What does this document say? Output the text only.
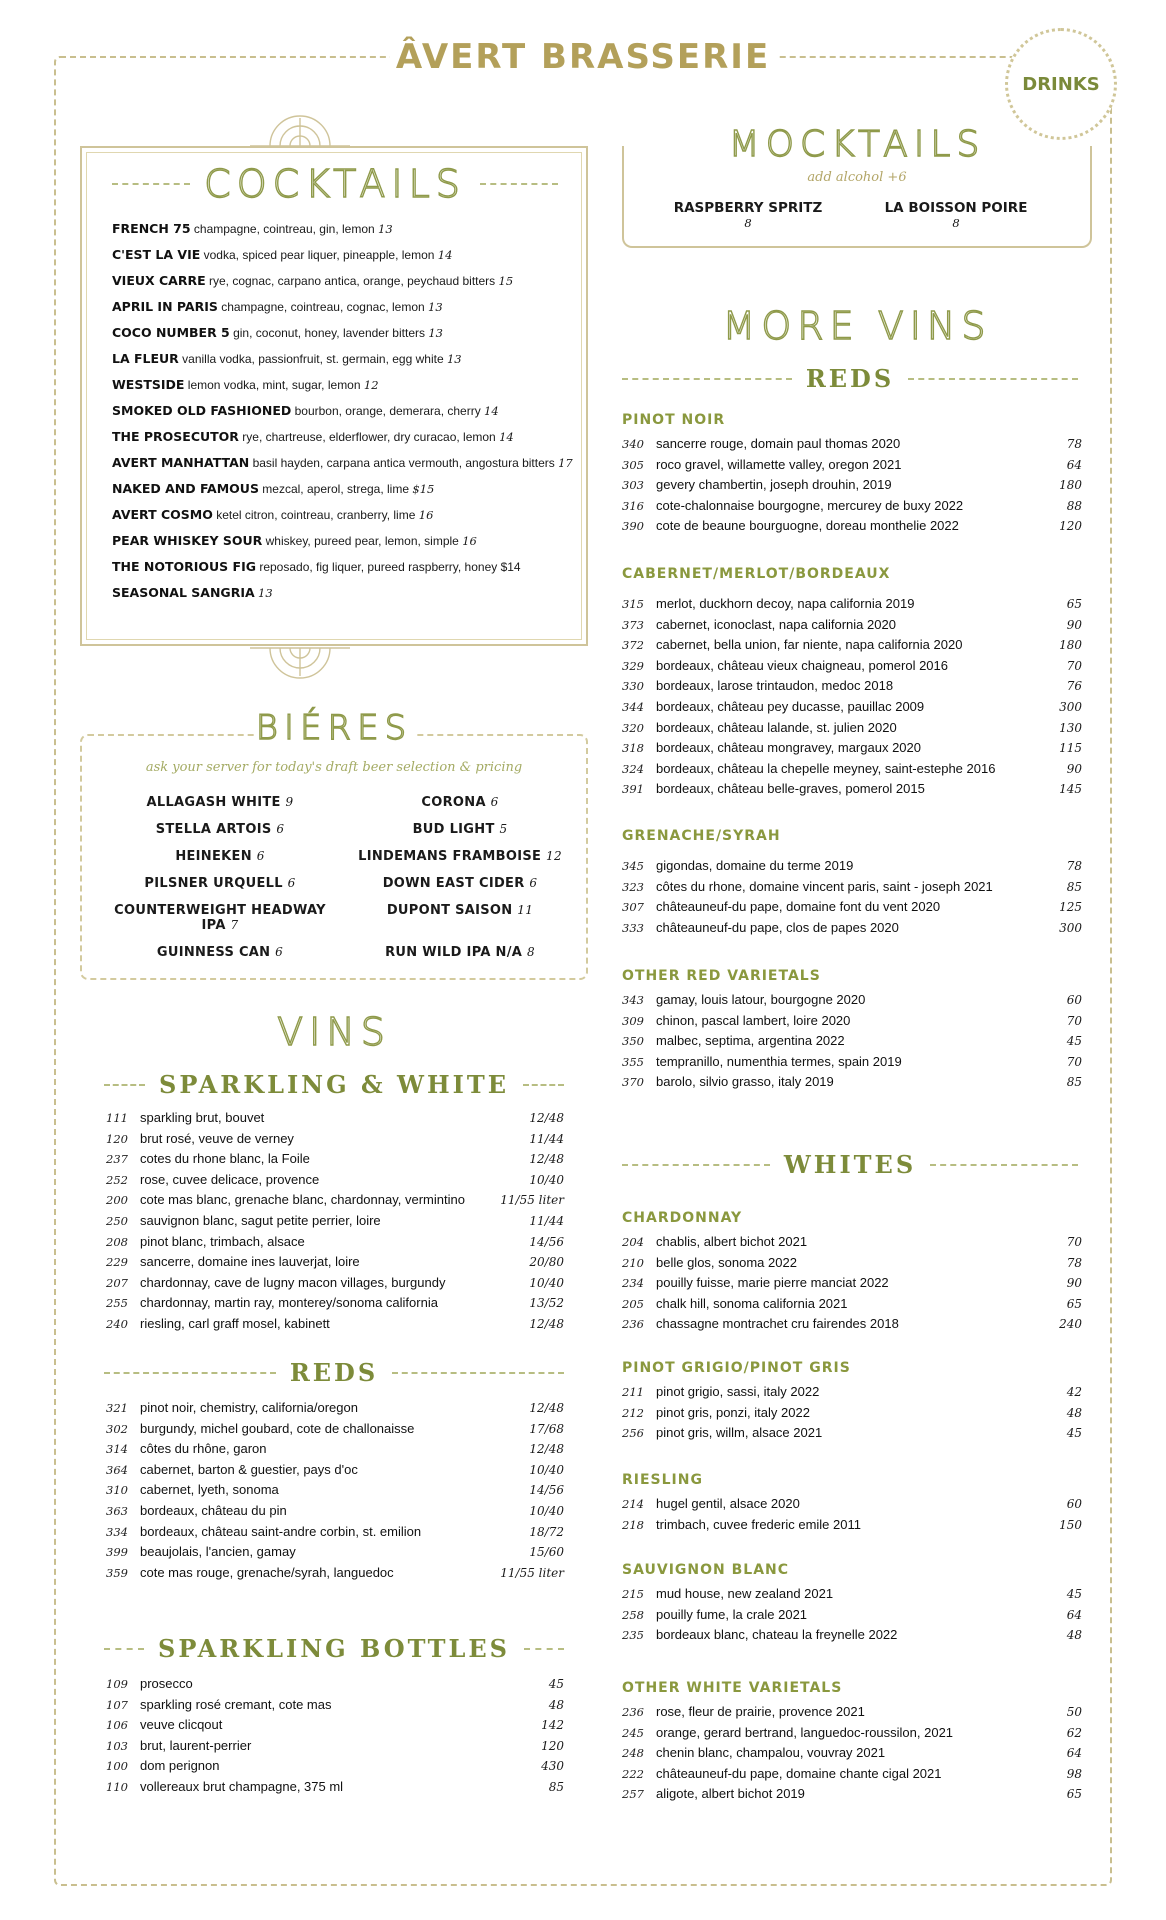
ÂVERT BRASSERIE
DRINKS
COCKTAILS
FRENCH 75 champagne, cointreau, gin, lemon 13
C'EST LA VIE vodka, spiced pear liquer, pineapple, lemon 14
VIEUX CARRE rye, cognac, carpano antica, orange, peychaud bitters 15
APRIL IN PARIS champagne, cointreau, cognac, lemon 13
COCO NUMBER 5 gin, coconut, honey, lavender bitters 13
LA FLEUR vanilla vodka, passionfruit, st. germain, egg white 13
WESTSIDE lemon vodka, mint, sugar, lemon 12
SMOKED OLD FASHIONED bourbon, orange, demerara, cherry 14
THE PROSECUTOR rye, chartreuse, elderflower, dry curacao, lemon 14
AVERT MANHATTAN basil hayden, carpana antica vermouth, angostura bitters 17
NAKED AND FAMOUS mezcal, aperol, strega, lime $15
AVERT COSMO ketel citron, cointreau, cranberry, lime 16
PEAR WHISKEY SOUR whiskey, pureed pear, lemon, simple 16
THE NOTORIOUS FIG reposado, fig liquer, pureed raspberry, honey $14
SEASONAL SANGRIA 13
BIÉRES
ask your server for today's draft beer selection & pricing
ALLAGASH WHITE 9	CORONA 6
STELLA ARTOIS 6	BUD LIGHT 5
HEINEKEN 6	LINDEMANS FRAMBOISE 12
PILSNER URQUELL 6	DOWN EAST CIDER 6
COUNTERWEIGHT HEADWAY IPA 7
DUPONT SAISON 11
GUINNESS CAN 6	RUN WILD IPA N/A 8
VINS
SPARKLING & WHITE
111 sparkling brut, bouvet	12/48
120 brut rosé, veuve de verney	11/44
237 cotes du rhone blanc, la Foile	12/48
252 rose, cuvee delicace, provence	10/40
200 cote mas blanc, grenache blanc, chardonnay, vermintino	11/55 liter
250 sauvignon blanc, sagut petite perrier, loire	11/44
208 pinot blanc, trimbach, alsace	14/56
229 sancerre, domaine ines lauverjat, loire	20/80
207 chardonnay, cave de lugny macon villages, burgundy	10/40
255 chardonnay, martin ray, monterey/sonoma california	13/52
240 riesling, carl graff mosel, kabinett	12/48
REDS
321 pinot noir, chemistry, california/oregon	12/48
302 burgundy, michel goubard, cote de challonaisse	17/68
314 côtes du rhône, garon	12/48
364 cabernet, barton & guestier, pays d'oc	10/40
310 cabernet, lyeth, sonoma	14/56
363 bordeaux, château du pin	10/40
334 bordeaux, château saint-andre corbin, st. emilion	18/72
399 beaujolais, l'ancien, gamay	15/60
359 cote mas rouge, grenache/syrah, languedoc	11/55 liter
SPARKLING BOTTLES
109 prosecco	45
107 sparkling rosé cremant, cote mas	48
106 veuve clicqout	142
103 brut, laurent-perrier	120
100 dom perignon	430
110 vollereaux brut champagne, 375 ml	85
MOCKTAILS
add alcohol +6
RASPBERRY SPRITZ
8
LA BOISSON POIRE
8
MORE VINS
REDS
PINOT NOIR
340 sancerre rouge, domain paul thomas 2020	78
305 roco gravel, willamette valley, oregon 2021	64
303 gevery chambertin, joseph drouhin, 2019	180
316 cote-chalonnaise bourgogne, mercurey de buxy 2022	88
390 cote de beaune bourguogne, doreau monthelie 2022	120
CABERNET/MERLOT/BORDEAUX
315 merlot, duckhorn decoy, napa california 2019	65
373 cabernet, iconoclast, napa california 2020	90
372 cabernet, bella union, far niente, napa california 2020	180
329 bordeaux, château vieux chaigneau, pomerol 2016	70
330 bordeaux, larose trintaudon, medoc 2018	76
344 bordeaux, château pey ducasse, pauillac 2009	300
320 bordeaux, château lalande, st. julien 2020	130
318 bordeaux, château mongravey, margaux 2020	115
324 bordeaux, château la chepelle meyney, saint-estephe 2016	90
391 bordeaux, château belle-graves, pomerol 2015	145
GRENACHE/SYRAH
345 gigondas, domaine du terme 2019	78
323 côtes du rhone, domaine vincent paris, saint - joseph 2021	85
307 châteauneuf-du pape, domaine font du vent 2020	125
333 châteauneuf-du pape, clos de papes 2020	300
OTHER RED VARIETALS
343 gamay, louis latour, bourgogne 2020	60
309 chinon, pascal lambert, loire 2020	70
350 malbec, septima, argentina 2022	45
355 tempranillo, numenthia termes, spain 2019	70
370 barolo, silvio grasso, italy 2019	85
WHITES
CHARDONNAY
204 chablis, albert bichot 2021	70
210 belle glos, sonoma 2022	78
234 pouilly fuisse, marie pierre manciat 2022	90
205 chalk hill, sonoma california 2021	65
236 chassagne montrachet cru fairendes 2018	240
PINOT GRIGIO/PINOT GRIS
211 pinot grigio, sassi, italy 2022	42
212 pinot gris, ponzi, italy 2022	48
256 pinot gris, willm, alsace 2021	45
RIESLING
214 hugel gentil, alsace 2020	60
218 trimbach, cuvee frederic emile 2011	150
SAUVIGNON BLANC
215 mud house, new zealand 2021	45
258 pouilly fume, la crale 2021	64
235 bordeaux blanc, chateau la freynelle 2022	48
OTHER WHITE VARIETALS
236 rose, fleur de prairie, provence 2021	50
245 orange, gerard bertrand, languedoc-roussilon, 2021	62
248 chenin blanc, champalou, vouvray 2021	64
222 châteauneuf-du pape, domaine chante cigal 2021	98
257 aligote, albert bichot 2019	65
